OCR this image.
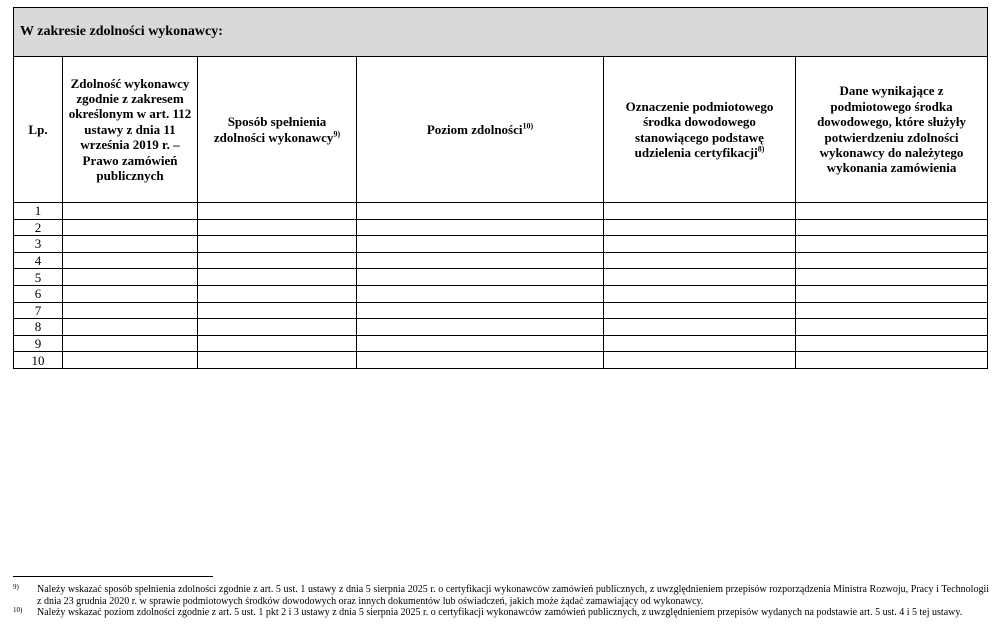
W zakresie zdolności wykonawcy:					
Lp.	Zdolność wykonawcy zgodnie z zakresem określonym w art. 112 ustawy z dnia 11 września 2019 r. – Prawo zamówień publicznych	Sposób spełnienia zdolności wykonawcy$^{9)}$	Poziom zdolności$^{10)}$	Oznaczenie podmiotowego środka dowodowego stanowiącego podstawę udzielenia certyfikacji$^{8)}$	Dane wynikające z podmiotowego środka dowodowego, które służyły potwierdzeniu zdolności wykonawcy do należytego wykonania zamówienia
1					
2					
3					
4					
5					
6					
7					
8					
9					
10					
9) Należy wskazać sposób spełnienia zdolności zgodnie z art. 5 ust. 1 ustawy z dnia 5 sierpnia 2025 r. o certyfikacji wykonawców zamówień publicznych, z uwzględnieniem przepisów rozporządzenia Ministra Rozwoju, Pracy i Technologii z dnia 23 grudnia 2020 r. w sprawie podmiotowych środków dowodowych oraz innych dokumentów lub oświadczeń, jakich może żądać zamawiający od wykonawcy.
10) Należy wskazać poziom zdolności zgodnie z art. 5 ust. 1 pkt 2 i 3 ustawy z dnia 5 sierpnia 2025 r. o certyfikacji wykonawców zamówień publicznych, z uwzględnieniem przepisów wydanych na podstawie art. 5 ust. 4 i 5 tej ustawy.
